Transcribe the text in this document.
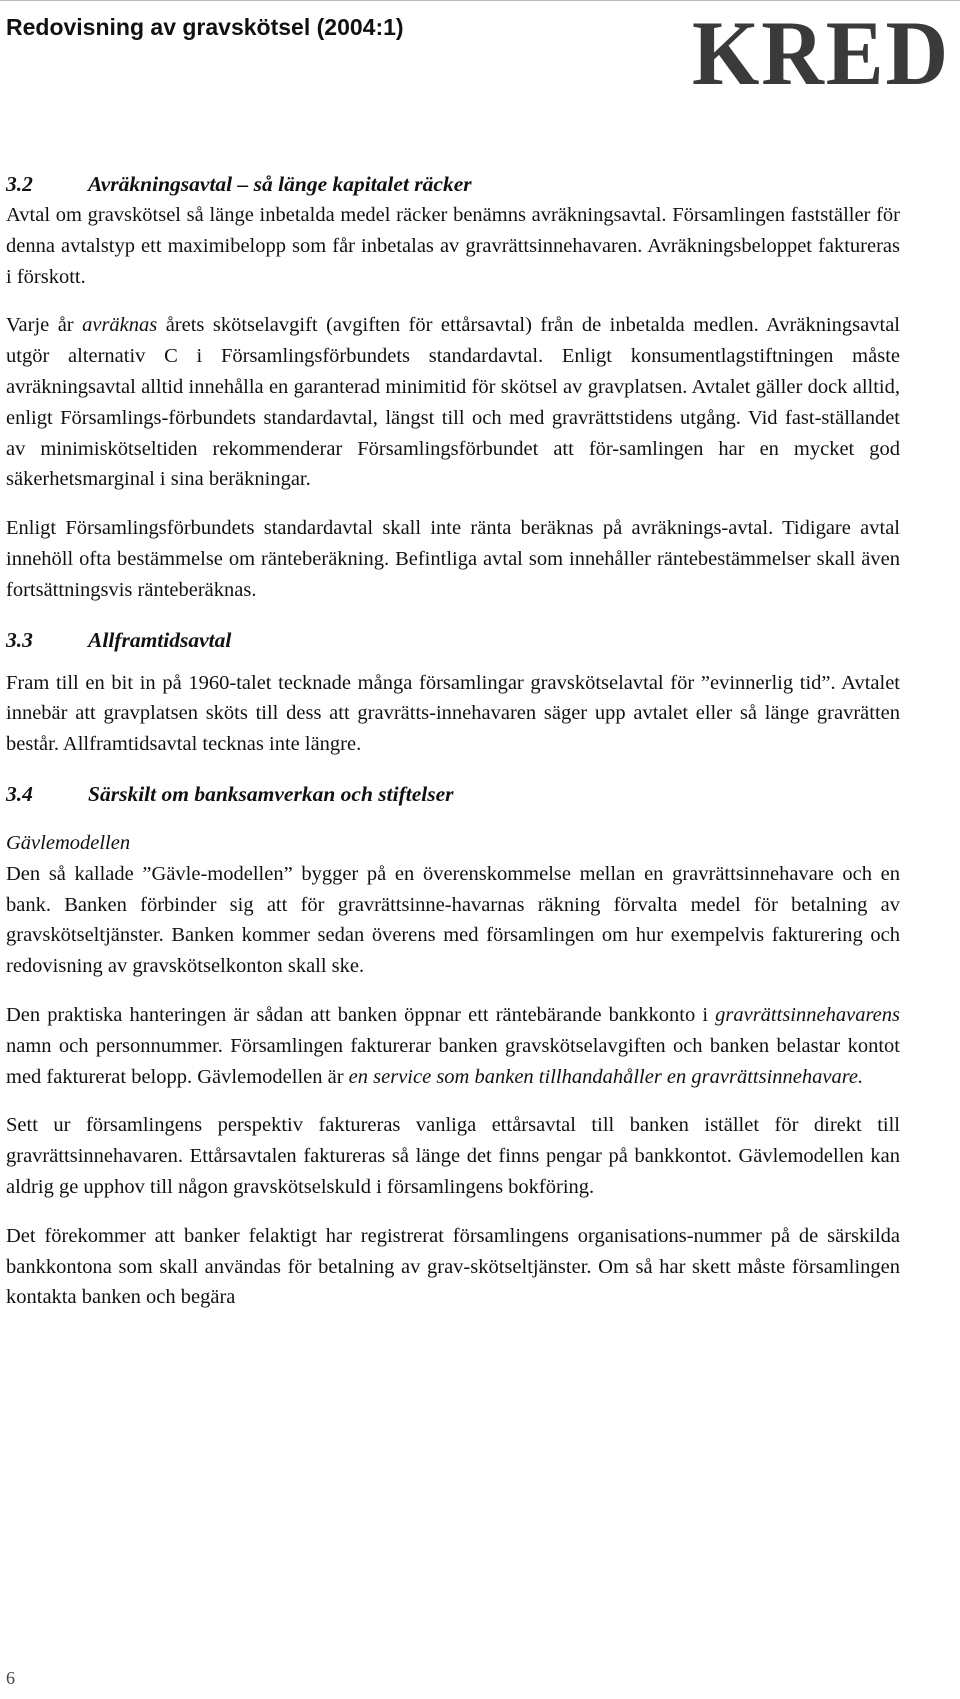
Redovisning av gravskötsel (2004:1)	KRED
3.2	Avräkningsavtal – så länge kapitalet räcker

Avtal om gravskötsel så länge inbetalda medel räcker benämns avräkningsavtal. Församlingen fastställer för denna avtalstyp ett maximibelopp som får inbetalas av gravrättsinnehavaren. Avräkningsbeloppet faktureras i förskott.

Varje år avräknas årets skötselavgift (avgiften för ettårsavtal) från de inbetalda medlen. Avräkningsavtal utgör alternativ C i Församlingsförbundets standardavtal. Enligt konsumentlagstiftningen måste avräkningsavtal alltid innehålla en garanterad minimitid för skötsel av gravplatsen. Avtalet gäller dock alltid, enligt Församlings-förbundets standardavtal, längst till och med gravrättstidens utgång. Vid fast-ställandet av minimiskötseltiden rekommenderar Församlingsförbundet att för-samlingen har en mycket god säkerhetsmarginal i sina beräkningar.

Enligt Församlingsförbundets standardavtal skall inte ränta beräknas på avräknings-avtal. Tidigare avtal innehöll ofta bestämmelse om ränteberäkning. Befintliga avtal som innehåller räntebestämmelser skall även fortsättningsvis ränteberäknas.

3.3	Allframtidsavtal

Fram till en bit in på 1960-talet tecknade många församlingar gravskötselavtal för ”evinnerlig tid”. Avtalet innebär att gravplatsen sköts till dess att gravrätts-innehavaren säger upp avtalet eller så länge gravrätten består. Allframtidsavtal tecknas inte längre.

3.4	Särskilt om banksamverkan och stiftelser
Gävlemodellen

Den så kallade ”Gävle-modellen” bygger på en överenskommelse mellan en gravrättsinnehavare och en bank. Banken förbinder sig att för gravrättsinne-havarnas räkning förvalta medel för betalning av gravskötseltjänster. Banken kommer sedan överens med församlingen om hur exempelvis fakturering och redovisning av gravskötselkonton skall ske.

Den praktiska hanteringen är sådan att banken öppnar ett räntebärande bankkonto i gravrättsinnehavarens namn och personnummer. Församlingen fakturerar banken gravskötselavgiften och banken belastar kontot med fakturerat belopp. Gävlemodellen är en service som banken tillhandahåller en gravrättsinnehavare.

Sett ur församlingens perspektiv faktureras vanliga ettårsavtal till banken istället för direkt till gravrättsinnehavaren. Ettårsavtalen faktureras så länge det finns pengar på bankkontot. Gävlemodellen kan aldrig ge upphov till någon gravskötselskuld i församlingens bokföring.

Det förekommer att banker felaktigt har registrerat församlingens organisations-nummer på de särskilda bankkontona som skall användas för betalning av grav-skötseltjänster. Om så har skett måste församlingen kontakta banken och begära

6
